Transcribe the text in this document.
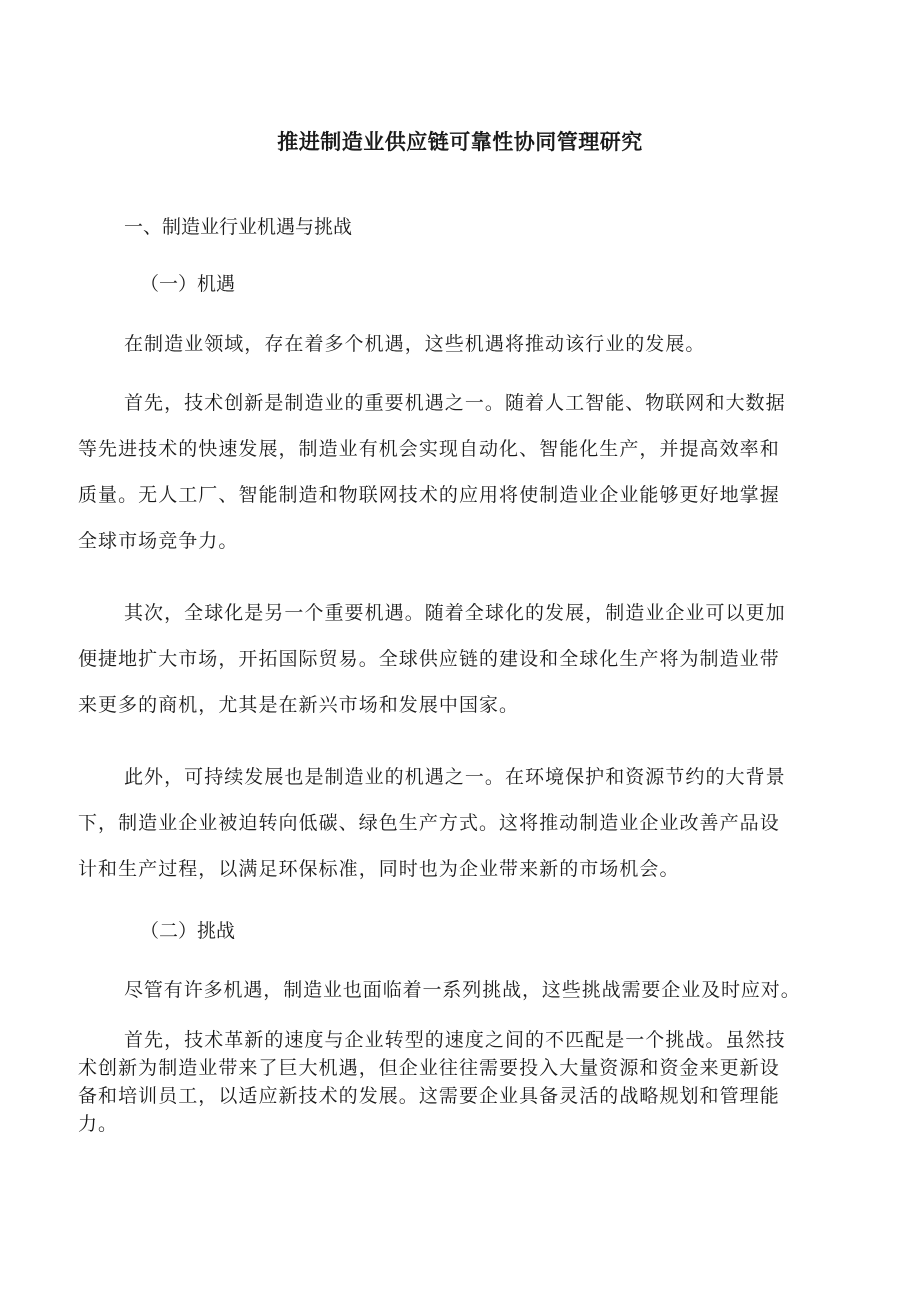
推进制造业供应链可靠性协同管理研究
一、制造业行业机遇与挑战
（一）机遇
在制造业领域，存在着多个机遇，这些机遇将推动该行业的发展。
首先，技术创新是制造业的重要机遇之一。随着人工智能、物联网和大数据
等先进技术的快速发展，制造业有机会实现自动化、智能化生产，并提高效率和
质量。无人工厂、智能制造和物联网技术的应用将使制造业企业能够更好地掌握
全球市场竞争力。
其次，全球化是另一个重要机遇。随着全球化的发展，制造业企业可以更加
便捷地扩大市场，开拓国际贸易。全球供应链的建设和全球化生产将为制造业带
来更多的商机，尤其是在新兴市场和发展中国家。
此外，可持续发展也是制造业的机遇之一。在环境保护和资源节约的大背景
下，制造业企业被迫转向低碳、绿色生产方式。这将推动制造业企业改善产品设
计和生产过程，以满足环保标准，同时也为企业带来新的市场机会。
（二）挑战
尽管有许多机遇，制造业也面临着一系列挑战，这些挑战需要企业及时应对。
首先，技术革新的速度与企业转型的速度之间的不匹配是一个挑战。虽然技
术创新为制造业带来了巨大机遇，但企业往往需要投入大量资源和资金来更新设
备和培训员工，以适应新技术的发展。这需要企业具备灵活的战略规划和管理能
力。
